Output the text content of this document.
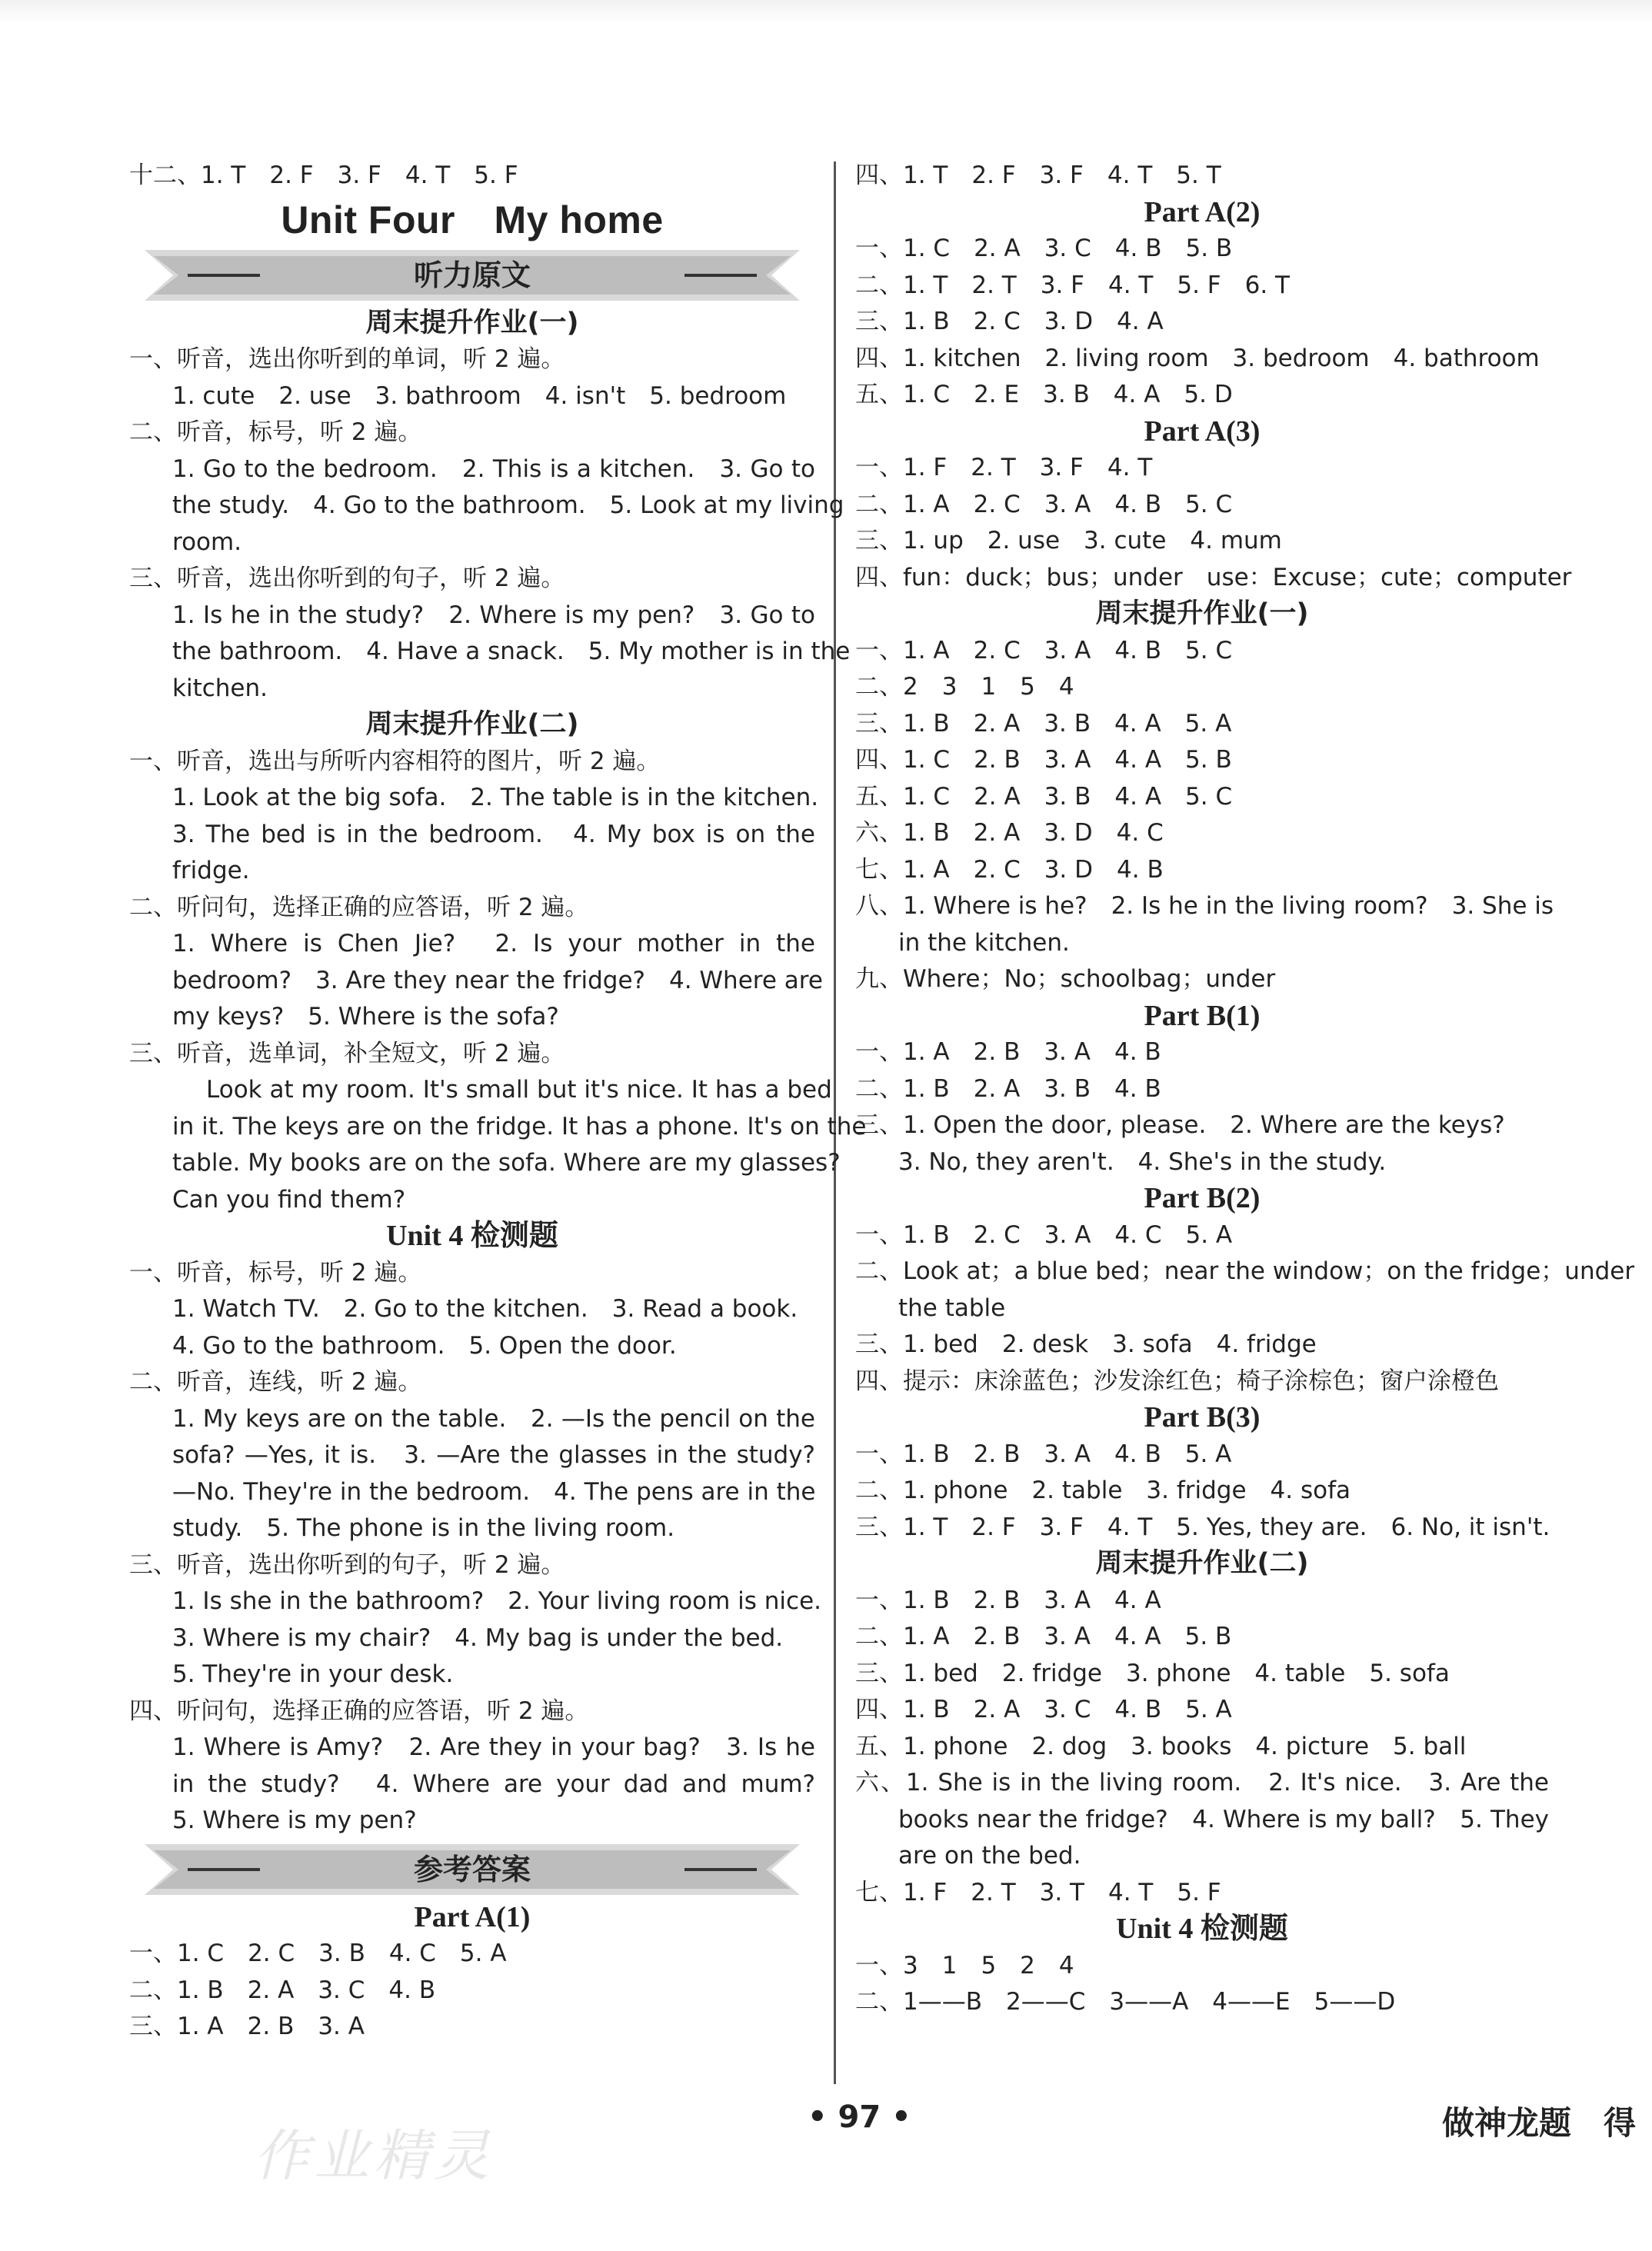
十二、1. T　2. F　3. F　4. T　5. F
Unit Four　My home
听力原文
周末提升作业(一)
一、听音，选出你听到的单词，听 2 遍。
1. cute　2. use　3. bathroom　4. isn't　5. bedroom
二、听音，标号，听 2 遍。
1. Go to the bedroom.　2. This is a kitchen.　3. Go to
the study.　4. Go to the bathroom.　5. Look at my living
room.
三、听音，选出你听到的句子，听 2 遍。
1. Is he in the study?　2. Where is my pen?　3. Go to
the bathroom.　4. Have a snack.　5. My mother is in the
kitchen.
周末提升作业(二)
一、听音，选出与所听内容相符的图片，听 2 遍。
1. Look at the big sofa.　2. The table is in the kitchen.
3. The bed is in the bedroom.　4. My box is on the
fridge.
二、听问句，选择正确的应答语，听 2 遍。
1. Where is Chen Jie?　2. Is your mother in the
bedroom?　3. Are they near the fridge?　4. Where are
my keys?　5. Where is the sofa?
三、听音，选单词，补全短文，听 2 遍。
Look at my room. It's small but it's nice. It has a bed
in it. The keys are on the fridge. It has a phone. It's on the
table. My books are on the sofa. Where are my glasses?
Can you find them?
Unit 4 检测题
一、听音，标号，听 2 遍。
1. Watch TV.　2. Go to the kitchen.　3. Read a book.
4. Go to the bathroom.　5. Open the door.
二、听音，连线，听 2 遍。
1. My keys are on the table.　2. —Is the pencil on the
sofa? —Yes, it is.　3. —Are the glasses in the study?
—No. They're in the bedroom.　4. The pens are in the
study.　5. The phone is in the living room.
三、听音，选出你听到的句子，听 2 遍。
1. Is she in the bathroom?　2. Your living room is nice.
3. Where is my chair?　4. My bag is under the bed.
5. They're in your desk.
四、听问句，选择正确的应答语，听 2 遍。
1. Where is Amy?　2. Are they in your bag?　3. Is he
in the study?　4. Where are your dad and mum?
5. Where is my pen?
参考答案
Part A(1)
一、1. C　2. C　3. B　4. C　5. A
二、1. B　2. A　3. C　4. B
三、1. A　2. B　3. A
四、1. T　2. F　3. F　4. T　5. T
Part A(2)
一、1. C　2. A　3. C　4. B　5. B
二、1. T　2. T　3. F　4. T　5. F　6. T
三、1. B　2. C　3. D　4. A
四、1. kitchen　2. living room　3. bedroom　4. bathroom
五、1. C　2. E　3. B　4. A　5. D
Part A(3)
一、1. F　2. T　3. F　4. T
二、1. A　2. C　3. A　4. B　5. C
三、1. up　2. use　3. cute　4. mum
四、fun：duck；bus；under　use：Excuse；cute；computer
周末提升作业(一)
一、1. A　2. C　3. A　4. B　5. C
二、2　3　1　5　4
三、1. B　2. A　3. B　4. A　5. A
四、1. C　2. B　3. A　4. A　5. B
五、1. C　2. A　3. B　4. A　5. C
六、1. B　2. A　3. D　4. C
七、1. A　2. C　3. D　4. B
八、1. Where is he?　2. Is he in the living room?　3. She is
in the kitchen.
九、Where；No；schoolbag；under
Part B(1)
一、1. A　2. B　3. A　4. B
二、1. B　2. A　3. B　4. B
三、1. Open the door, please.　2. Where are the keys?
3. No, they aren't.　4. She's in the study.
Part B(2)
一、1. B　2. C　3. A　4. C　5. A
二、Look at；a blue bed；near the window；on the fridge；under
the table
三、1. bed　2. desk　3. sofa　4. fridge
四、提示：床涂蓝色；沙发涂红色；椅子涂棕色；窗户涂橙色
Part B(3)
一、1. B　2. B　3. A　4. B　5. A
二、1. phone　2. table　3. fridge　4. sofa
三、1. T　2. F　3. F　4. T　5. Yes, they are.　6. No, it isn't.
周末提升作业(二)
一、1. B　2. B　3. A　4. A
二、1. A　2. B　3. A　4. A　5. B
三、1. bed　2. fridge　3. phone　4. table　5. sofa
四、1. B　2. A　3. C　4. B　5. A
五、1. phone　2. dog　3. books　4. picture　5. ball
六、1. She is in the living room.　2. It's nice.　3. Are the
books near the fridge?　4. Where is my ball?　5. They
are on the bed.
七、1. F　2. T　3. T　4. T　5. F
Unit 4 检测题
一、3　1　5　2　4
二、1——B　2——C　3——A　4——E　5——D
作业精灵
• 97 •	做神龙题　得
